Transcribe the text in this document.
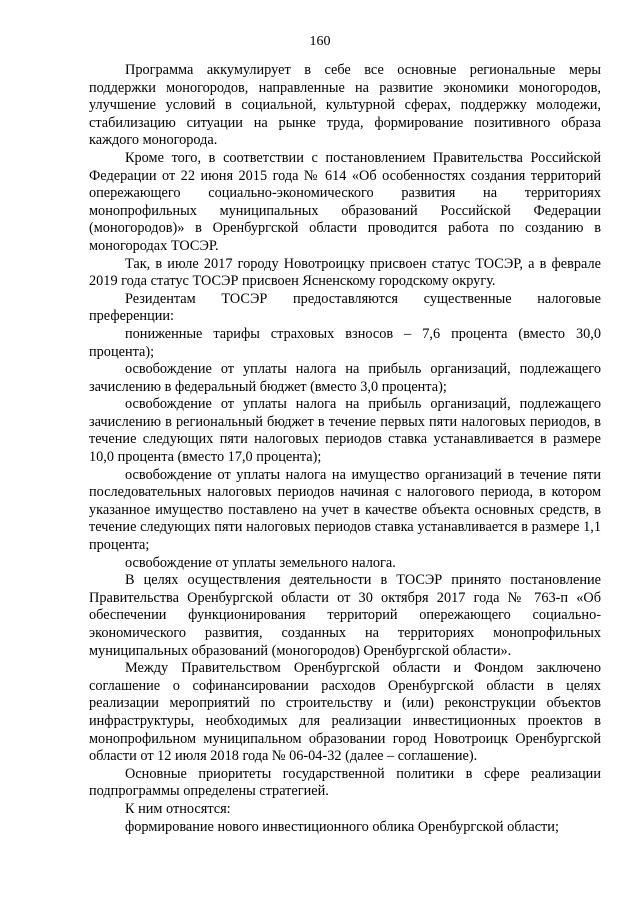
160

Программа аккумулирует в себе все основные региональные меры поддержки моногородов, направленные на развитие экономики моногородов, улучшение условий в социальной, культурной сферах, поддержку молодежи, стабилизацию ситуации на рынке труда, формирование позитивного образа каждого моногорода.

Кроме того, в соответствии с постановлением Правительства Российской Федерации от 22 июня 2015 года № 614 «Об особенностях создания территорий опережающего социально-экономического развития на территориях монопрофильных муниципальных образований Российской Федерации (моногородов)» в Оренбургской области проводится работа по созданию в моногородах ТОСЭР.

Так, в июле 2017 городу Новотроицку присвоен статус ТОСЭР, а в феврале 2019 года статус ТОСЭР присвоен Ясненскому городскому округу.

Резидентам ТОСЭР предоставляются существенные налоговые преференции:

пониженные тарифы страховых взносов – 7,6 процента (вместо 30,0 процента);

освобождение от уплаты налога на прибыль организаций, подлежащего зачислению в федеральный бюджет (вместо 3,0 процента);

освобождение от уплаты налога на прибыль организаций, подлежащего зачислению в региональный бюджет в течение первых пяти налоговых периодов, в течение следующих пяти налоговых периодов ставка устанавливается в размере 10,0 процента (вместо 17,0 процента);

освобождение от уплаты налога на имущество организаций в течение пяти последовательных налоговых периодов начиная с налогового периода, в котором указанное имущество поставлено на учет в качестве объекта основных средств, в течение следующих пяти налоговых периодов ставка устанавливается в размере 1,1 процента;

освобождение от уплаты земельного налога.

В целях осуществления деятельности в ТОСЭР принято постановление Правительства Оренбургской области от 30 октября 2017 года № 763-п «Об обеспечении функционирования территорий опережающего социально-экономического развития, созданных на территориях монопрофильных муниципальных образований (моногородов) Оренбургской области».

Между Правительством Оренбургской области и Фондом заключено соглашение о софинансировании расходов Оренбургской области в целях реализации мероприятий по строительству и (или) реконструкции объектов инфраструктуры, необходимых для реализации инвестиционных проектов в монопрофильном муниципальном образовании город Новотроицк Оренбургской области от 12 июля 2018 года № 06-04-32 (далее – соглашение).

Основные приоритеты государственной политики в сфере реализации подпрограммы определены стратегией.

К ним относятся:

формирование нового инвестиционного облика Оренбургской области;
